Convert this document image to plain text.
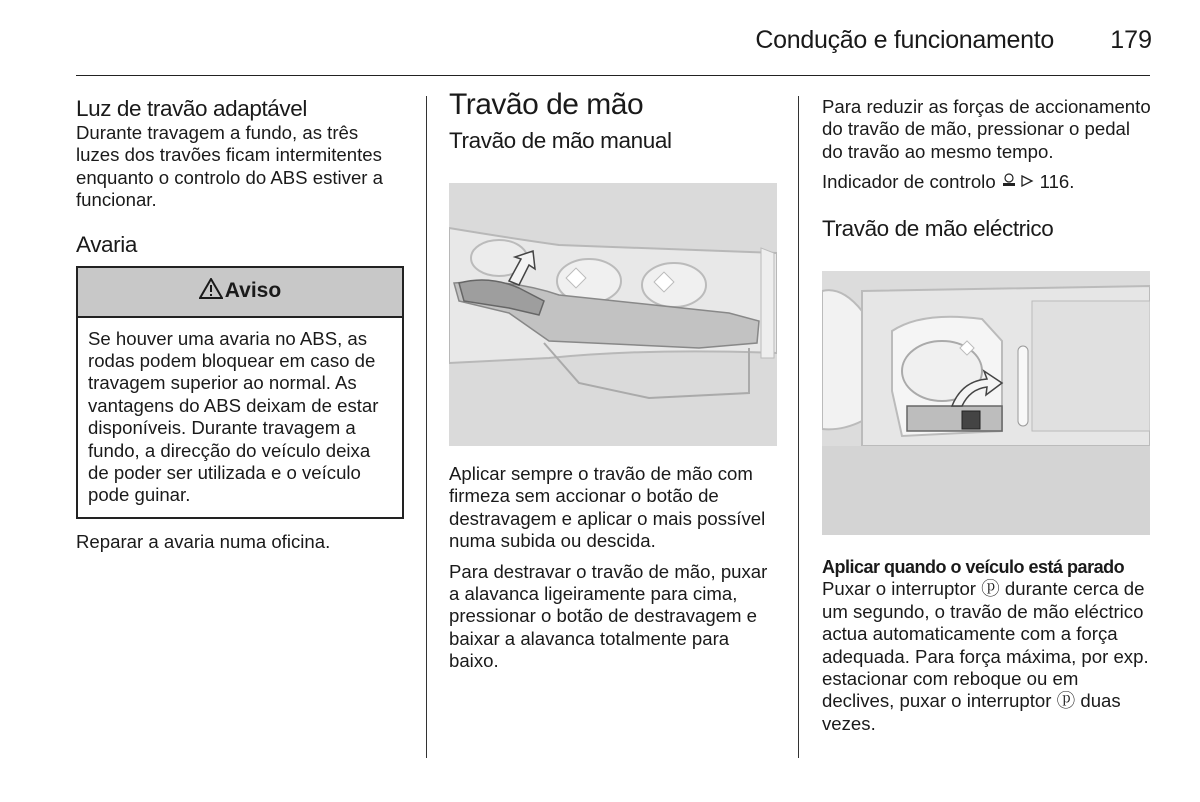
Condução e funcionamento 179
Luz de travão adaptável

Durante travagem a fundo, as três luzes dos travões ficam intermitentes enquanto o controlo do ABS estiver a funcionar.

Avaria
Aviso
Se houver uma avaria no ABS, as rodas podem bloquear em caso de travagem superior ao normal. As vantagens do ABS deixam de estar disponíveis. Durante travagem a fundo, a direcção do veículo deixa de poder ser utilizada e o veículo pode guinar.

Reparar a avaria numa oficina.

Travão de mão
Travão de mão manual

Aplicar sempre o travão de mão com firmeza sem accionar o botão de destravagem e aplicar o mais possível numa subida ou descida.

Para destravar o travão de mão, puxar a alavanca ligeiramente para cima, pressionar o botão de destravagem e baixar a alavanca totalmente para baixo.

Para reduzir as forças de accionamento do travão de mão, pressionar o pedal do travão ao mesmo tempo.

Indicador de controlo 116.

Travão de mão eléctrico
Aplicar quando o veículo está parado

Puxar o interruptor ⓟ durante cerca de um segundo, o travão de mão eléctrico actua automaticamente com a força adequada. Para força máxima, por exp. estacionar com reboque ou em declives, puxar o interruptor ⓟ duas vezes.
